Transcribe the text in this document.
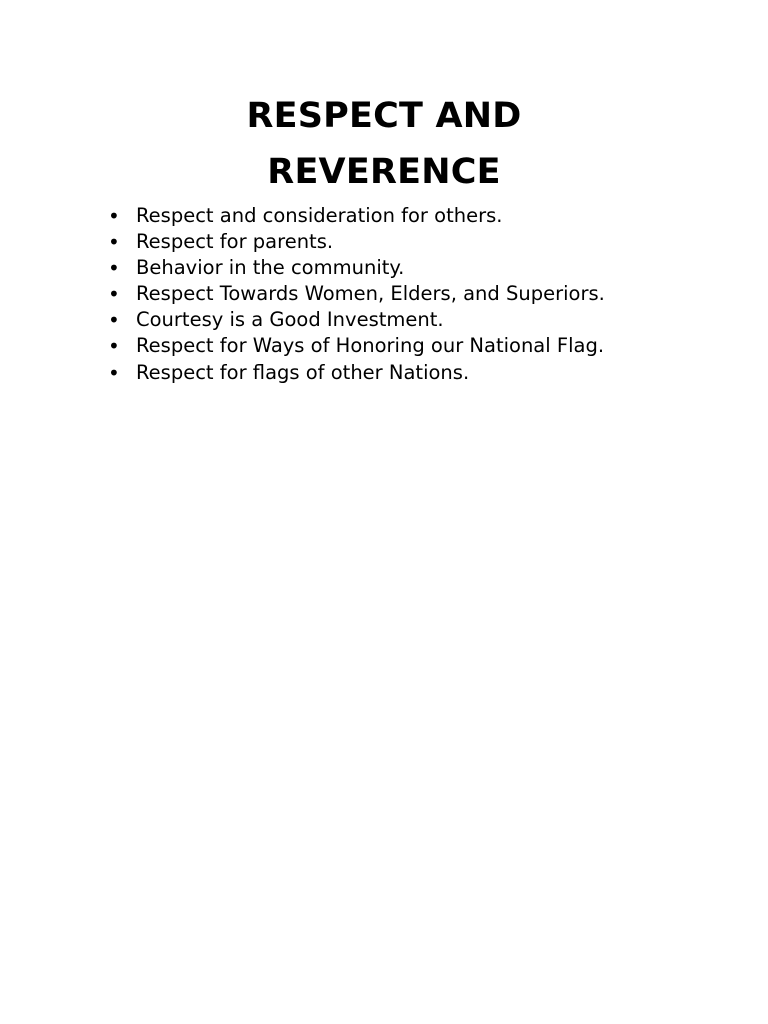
RESPECT AND
REVERENCE
• Respect and consideration for others.
• Respect for parents.
• Behavior in the community.
• Respect Towards Women, Elders, and Superiors.
• Courtesy is a Good Investment.
• Respect for Ways of Honoring our National Flag.
• Respect for flags of other Nations.
